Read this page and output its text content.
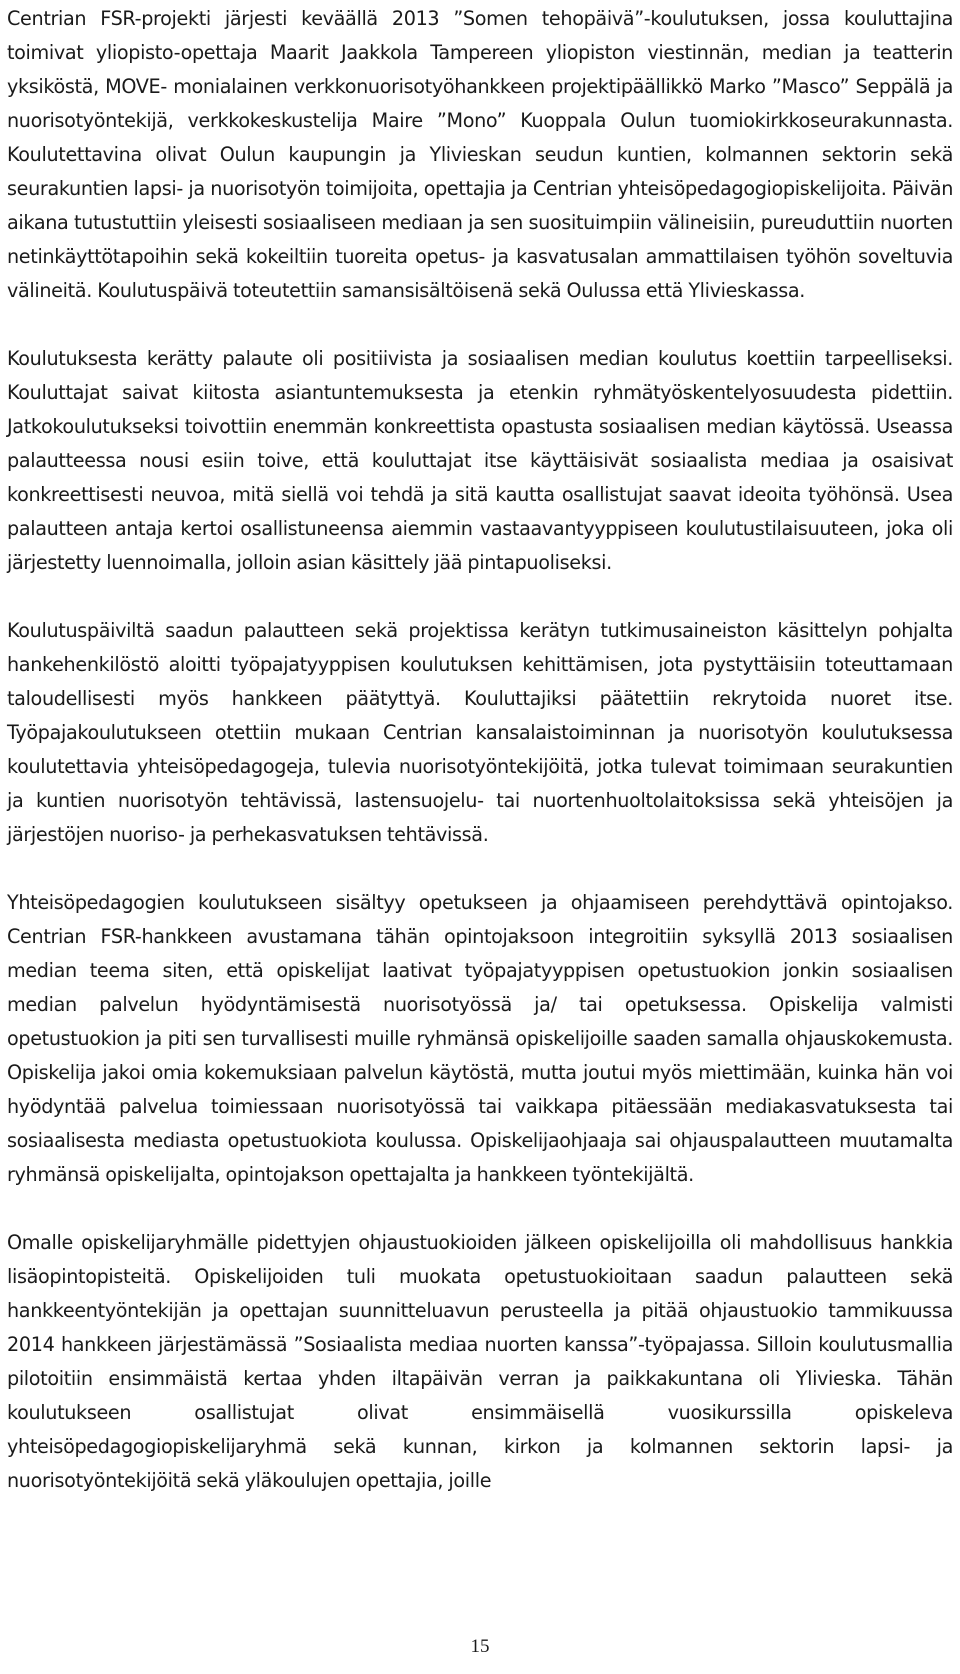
Centrian FSR-projekti järjesti keväällä 2013 ”Somen tehopäivä”-koulutuksen, jossa kouluttajina toimivat yliopisto-opettaja Maarit Jaakkola Tampereen yliopiston viestinnän, median ja teatterin yksiköstä, MOVE- monialainen verkkonuorisotyöhankkeen projektipäällikkö Marko ”Masco” Seppälä ja nuorisotyöntekijä, verkkokeskustelija Maire ”Mono” Kuoppala Oulun tuomiokirkkoseurakunnasta. Koulutettavina olivat Oulun kaupungin ja Ylivieskan seudun kuntien, kolmannen sektorin sekä seurakuntien lapsi- ja nuorisotyön toimijoita, opettajia ja Centrian yhteisöpedagogiopiskelijoita. Päivän aikana tutustuttiin yleisesti sosiaaliseen mediaan ja sen suosituimpiin välineisiin, pureuduttiin nuorten netinkäyttötapoihin sekä kokeiltiin tuoreita opetus- ja kasvatusalan ammattilaisen työhön soveltuvia välineitä. Koulutuspäivä toteutettiin samansisältöisenä sekä Oulussa että Ylivieskassa.

Koulutuksesta kerätty palaute oli positiivista ja sosiaalisen median koulutus koettiin tarpeelliseksi. Kouluttajat saivat kiitosta asiantuntemuksesta ja etenkin ryhmätyöskentelyosuudesta pidettiin. Jatkokoulutukseksi toivottiin enemmän konkreettista opastusta sosiaalisen median käytössä. Useassa palautteessa nousi esiin toive, että kouluttajat itse käyttäisivät sosiaalista mediaa ja osaisivat konkreettisesti neuvoa, mitä siellä voi tehdä ja sitä kautta osallistujat saavat ideoita työhönsä. Usea palautteen antaja kertoi osallistuneensa aiemmin vastaavantyyppiseen koulutustilaisuuteen, joka oli järjestetty luennoimalla, jolloin asian käsittely jää pintapuoliseksi.

Koulutuspäiviltä saadun palautteen sekä projektissa kerätyn tutkimusaineiston käsittelyn pohjalta hankehenkilöstö aloitti työpajatyyppisen koulutuksen kehittämisen, jota pystyttäisiin toteuttamaan taloudellisesti myös hankkeen päätyttyä. Kouluttajiksi päätettiin rekrytoida nuoret itse. Työpajakoulutukseen otettiin mukaan Centrian kansalaistoiminnan ja nuorisotyön koulutuksessa koulutettavia yhteisöpedagogeja, tulevia nuorisotyöntekijöitä, jotka tulevat toimimaan seurakuntien ja kuntien nuorisotyön tehtävissä, lastensuojelu- tai nuortenhuoltolaitoksissa sekä yhteisöjen ja järjestöjen nuoriso- ja perhekasvatuksen tehtävissä.

Yhteisöpedagogien koulutukseen sisältyy opetukseen ja ohjaamiseen perehdyttävä opintojakso. Centrian FSR-hankkeen avustamana tähän opintojaksoon integroitiin syksyllä 2013 sosiaalisen median teema siten, että opiskelijat laativat työpajatyyppisen opetustuokion jonkin sosiaalisen median palvelun hyödyntämisestä nuorisotyössä ja/ tai opetuksessa. Opiskelija valmisti opetustuokion ja piti sen turvallisesti muille ryhmänsä opiskelijoille saaden samalla ohjauskokemusta. Opiskelija jakoi omia kokemuksiaan palvelun käytöstä, mutta joutui myös miettimään, kuinka hän voi hyödyntää palvelua toimiessaan nuorisotyössä tai vaikkapa pitäessään mediakasvatuksesta tai sosiaalisesta mediasta opetustuokiota koulussa. Opiskelijaohjaaja sai ohjauspalautteen muutamalta ryhmänsä opiskelijalta, opintojakson opettajalta ja hankkeen työntekijältä.

Omalle opiskelijaryhmälle pidettyjen ohjaustuokioiden jälkeen opiskelijoilla oli mahdollisuus hankkia lisäopintopisteitä. Opiskelijoiden tuli muokata opetustuokioitaan saadun palautteen sekä hankkeentyöntekijän ja opettajan suunnitteluavun perusteella ja pitää ohjaustuokio tammikuussa 2014 hankkeen järjestämässä ”Sosiaalista mediaa nuorten kanssa”-työpajassa. Silloin koulutusmallia pilotoitiin ensimmäistä kertaa yhden iltapäivän verran ja paikkakuntana oli Ylivieska. Tähän koulutukseen osallistujat olivat ensimmäisellä vuosikurssilla opiskeleva yhteisöpedagogiopiskelijaryhmä sekä kunnan, kirkon ja kolmannen sektorin lapsi- ja nuorisotyöntekijöitä sekä yläkoulujen opettajia, joille

15
